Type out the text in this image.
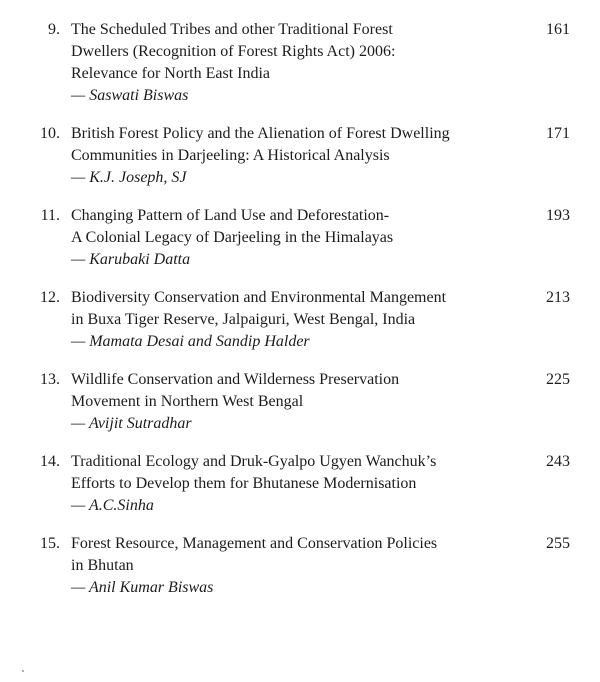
9. The Scheduled Tribes and other Traditional Forest
Dwellers (Recognition of Forest Rights Act) 2006:
Relevance for North East India
— Saswati Biswas
161
10. British Forest Policy and the Alienation of Forest Dwelling
Communities in Darjeeling: A Historical Analysis
— K.J. Joseph, SJ
171
11. Changing Pattern of Land Use and Deforestation-
A Colonial Legacy of Darjeeling in the Himalayas
— Karubaki Datta
193
12. Biodiversity Conservation and Environmental Mangement
in Buxa Tiger Reserve, Jalpaiguri, West Bengal, India
— Mamata Desai and Sandip Halder
213
13. Wildlife Conservation and Wilderness Preservation
Movement in Northern West Bengal
— Avijit Sutradhar
225
14. Traditional Ecology and Druk-Gyalpo Ugyen Wanchuk’s
Efforts to Develop them for Bhutanese Modernisation
— A.C.Sinha
243
15. Forest Resource, Management and Conservation Policies
in Bhutan
— Anil Kumar Biswas
255
